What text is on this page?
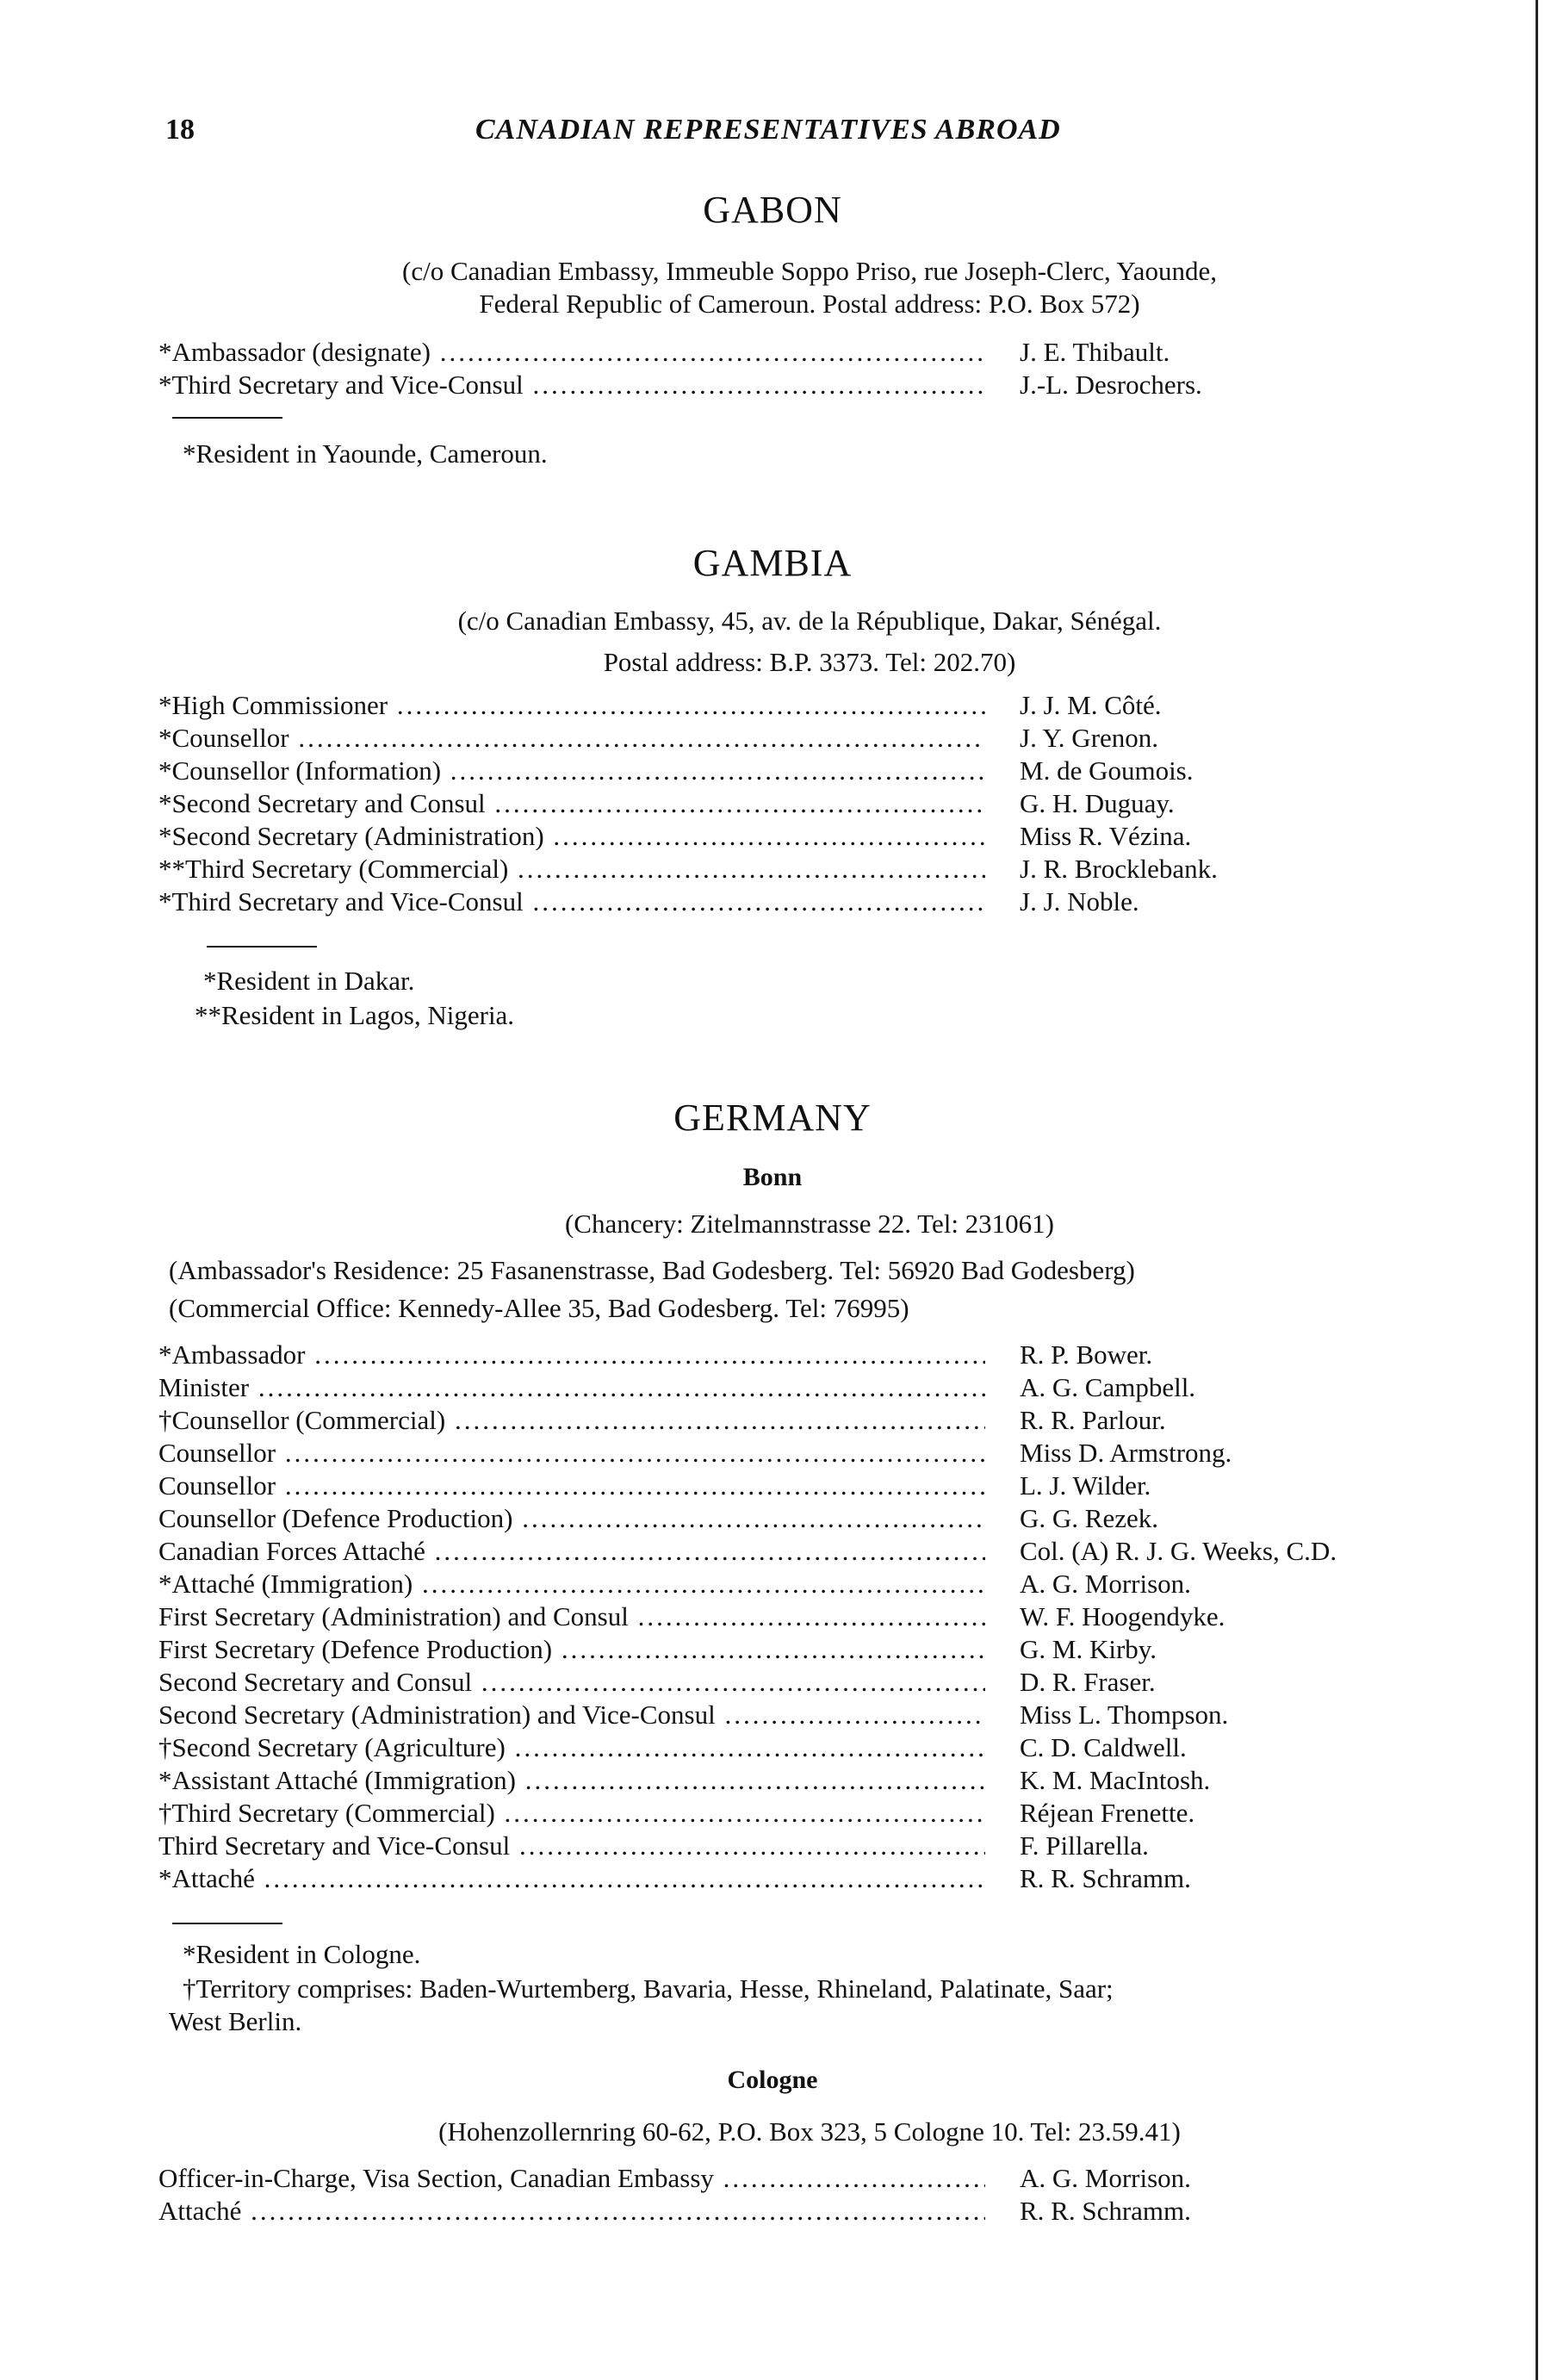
18	CANADIAN REPRESENTATIVES ABROAD
GABON
(c/o Canadian Embassy, Immeuble Soppo Priso, rue Joseph-Clerc, Yaounde,
Federal Republic of Cameroun. Postal address: P.O. Box 572)
*Ambassador (designate) .....	J. E. Thibault.
*Third Secretary and Vice-Consul .....	J.-L. Desrochers.
*Resident in Yaounde, Cameroun.
GAMBIA
(c/o Canadian Embassy, 45, av. de la République, Dakar, Sénégal.
Postal address: B.P. 3373. Tel: 202.70)
*High Commissioner .....	J. J. M. Côté.
*Counsellor .....	J. Y. Grenon.
*Counsellor (Information) .....	M. de Goumois.
*Second Secretary and Consul .....	G. H. Duguay.
*Second Secretary (Administration) .....	Miss R. Vézina.
**Third Secretary (Commercial) .....	J. R. Brocklebank.
*Third Secretary and Vice-Consul .....	J. J. Noble.
*Resident in Dakar.
**Resident in Lagos, Nigeria.
GERMANY
Bonn
(Chancery: Zitelmannstrasse 22. Tel: 231061)
(Ambassador's Residence: 25 Fasanenstrasse, Bad Godesberg. Tel: 56920 Bad Godesberg)
(Commercial Office: Kennedy-Allee 35, Bad Godesberg. Tel: 76995)
*Ambassador .....	R. P. Bower.
Minister .....	A. G. Campbell.
†Counsellor (Commercial) .....	R. R. Parlour.
Counsellor .....	Miss D. Armstrong.
Counsellor .....	L. J. Wilder.
Counsellor (Defence Production) .....	G. G. Rezek.
Canadian Forces Attaché .....	Col. (A) R. J. G. Weeks, C.D.
*Attaché (Immigration) .....	A. G. Morrison.
First Secretary (Administration) and Consul .....	W. F. Hoogendyke.
First Secretary (Defence Production) .....	G. M. Kirby.
Second Secretary and Consul .....	D. R. Fraser.
Second Secretary (Administration) and Vice-Consul .....	Miss L. Thompson.
†Second Secretary (Agriculture) .....	C. D. Caldwell.
*Assistant Attaché (Immigration) .....	K. M. MacIntosh.
†Third Secretary (Commercial) .....	Réjean Frenette.
Third Secretary and Vice-Consul .....	F. Pillarella.
*Attaché .....	R. R. Schramm.
*Resident in Cologne.
†Territory comprises: Baden-Wurtemberg, Bavaria, Hesse, Rhineland, Palatinate, Saar;
West Berlin.
Cologne
(Hohenzollernring 60-62, P.O. Box 323, 5 Cologne 10. Tel: 23.59.41)
Officer-in-Charge, Visa Section, Canadian Embassy .....	A. G. Morrison.
Attaché .....	R. R. Schramm.
